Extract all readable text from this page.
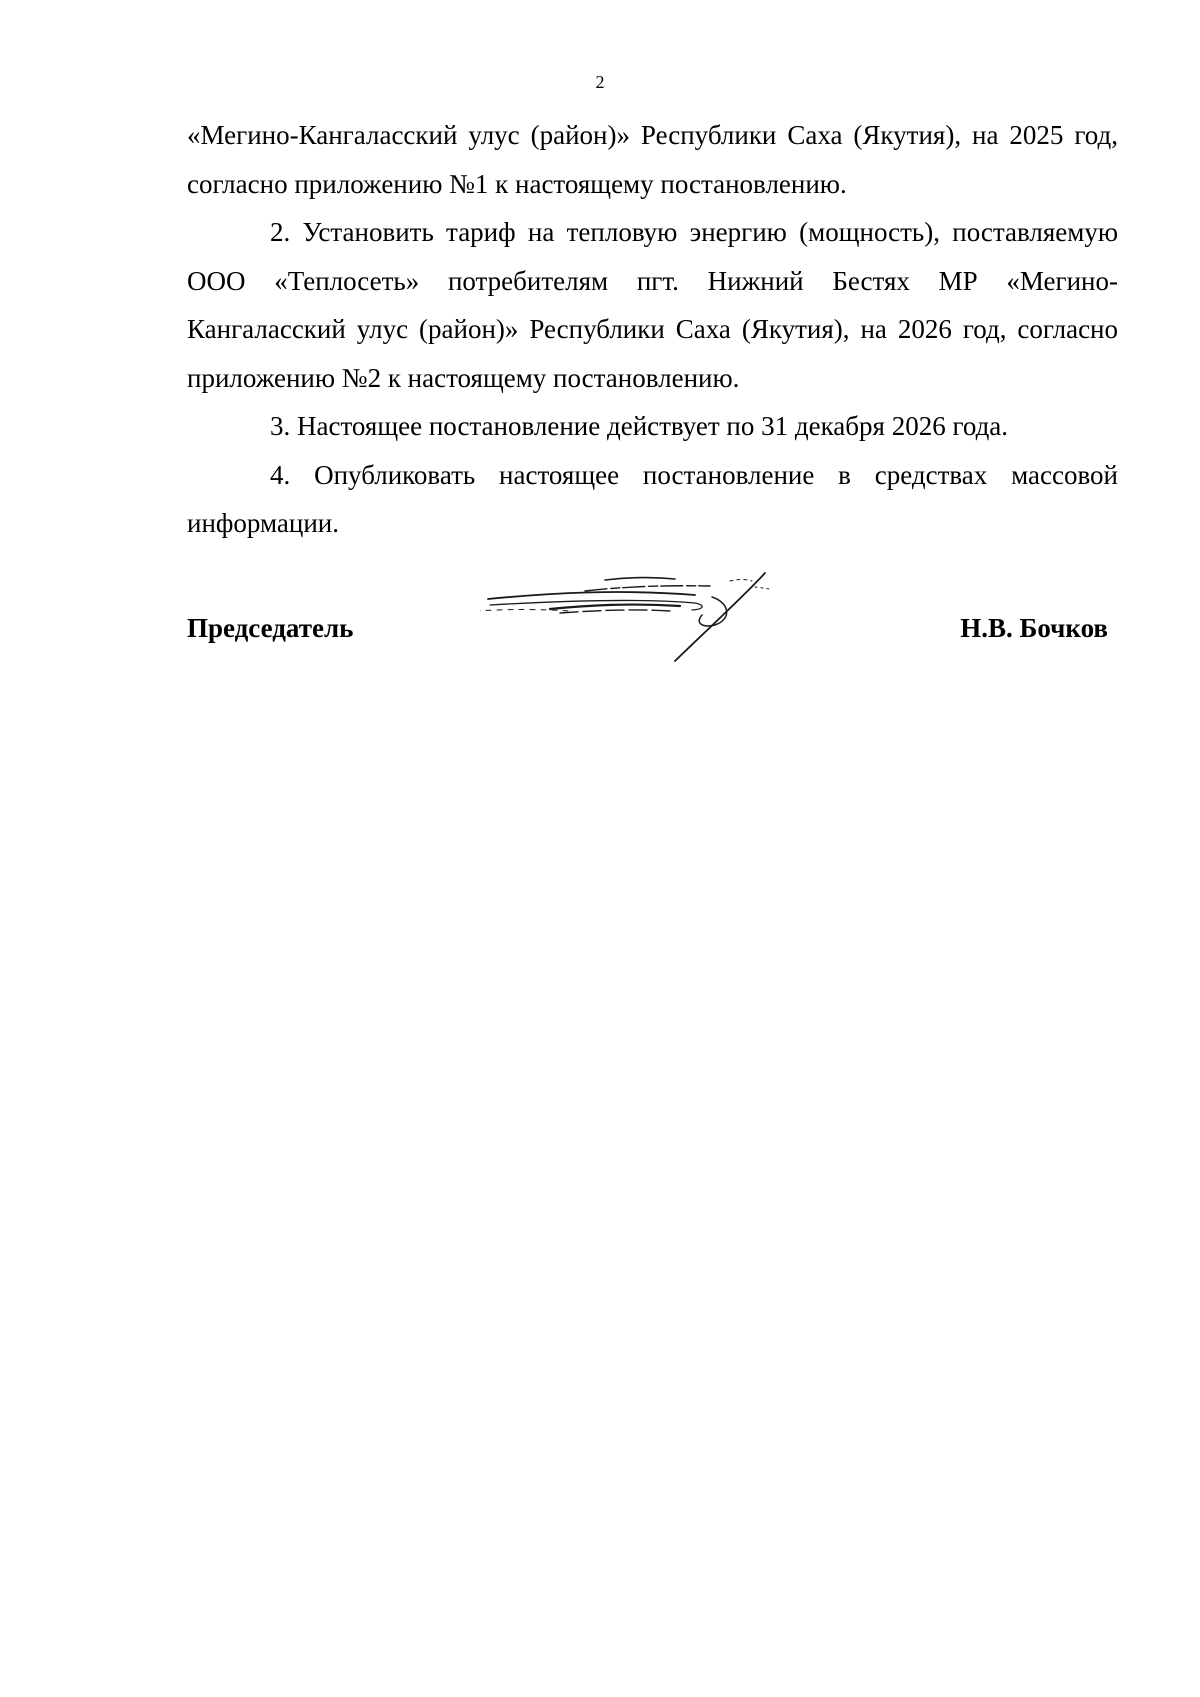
2

«Мегино-Кангаласский улус (район)» Республики Саха (Якутия), на 2025 год, согласно приложению №1 к настоящему постановлению.

2. Установить тариф на тепловую энергию (мощность), поставляемую ООО «Теплосеть» потребителям пгт. Нижний Бестях МР «Мегино-Кангаласский улус (район)» Республики Саха (Якутия), на 2026 год, согласно приложению №2 к настоящему постановлению.

3. Настоящее постановление действует по 31 декабря 2026 года.

4. Опубликовать настоящее постановление в средствах массовой информации.

Председатель	Н.В. Бочков
